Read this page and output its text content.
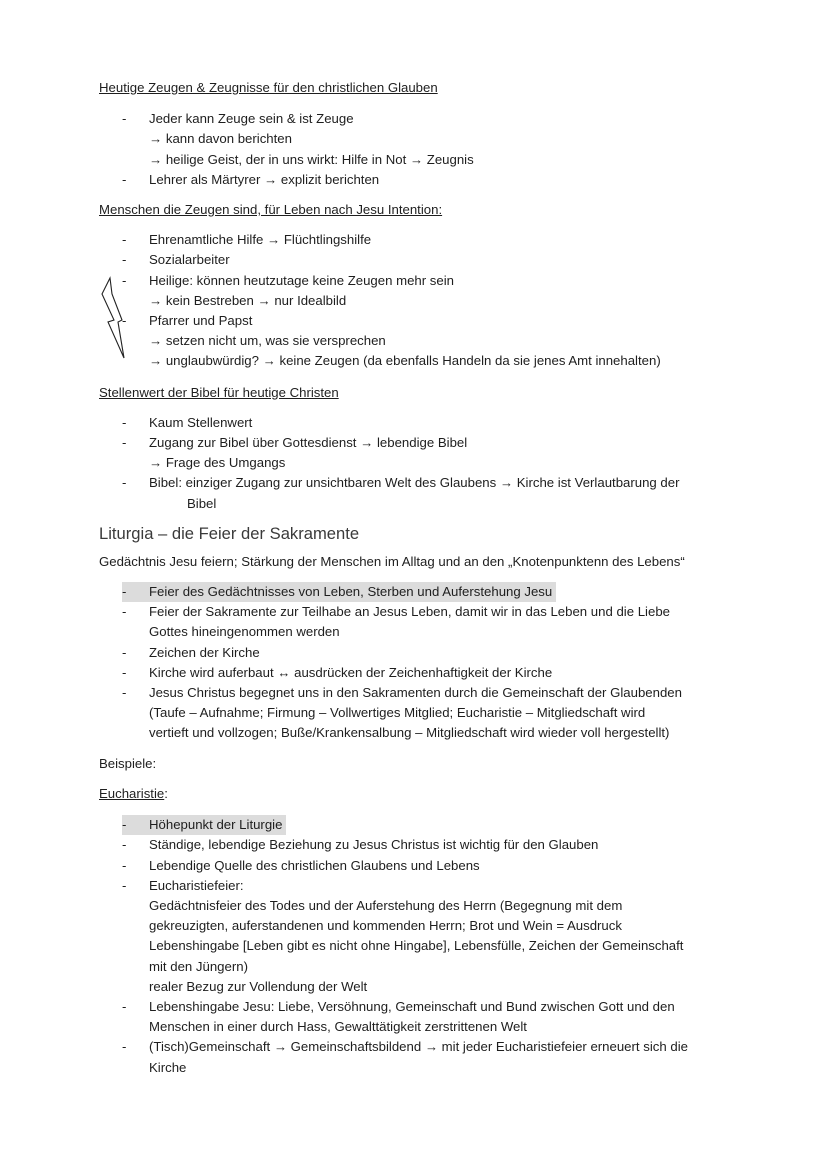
Heutige Zeugen & Zeugnisse für den christlichen Glauben

- Jeder kann Zeuge sein & ist Zeuge
→ kann davon berichten
→ heilige Geist, der in uns wirkt: Hilfe in Not → Zeugnis
- Lehrer als Märtyrer → explizit berichten

Menschen die Zeugen sind, für Leben nach Jesu Intention:

- Ehrenamtliche Hilfe → Flüchtlingshilfe
- Sozialarbeiter
- Heilige: können heutzutage keine Zeugen mehr sein
→ kein Bestreben → nur Idealbild
- Pfarrer und Papst
→ setzen nicht um, was sie versprechen
→ unglaubwürdig? → keine Zeugen (da ebenfalls Handeln da sie jenes Amt innehalten)

Stellenwert der Bibel für heutige Christen

- Kaum Stellenwert
- Zugang zur Bibel über Gottesdienst → lebendige Bibel
→ Frage des Umgangs
- Bibel: einziger Zugang zur unsichtbaren Welt des Glaubens → Kirche ist Verlautbarung der
Bibel

Liturgia – die Feier der Sakramente

Gedächtnis Jesu feiern; Stärkung der Menschen im Alltag und an den „Knotenpunktenn des Lebens“

- Feier des Gedächtnisses von Leben, Sterben und Auferstehung Jesu
- Feier der Sakramente zur Teilhabe an Jesus Leben, damit wir in das Leben und die Liebe
Gottes hineingenommen werden
- Zeichen der Kirche
- Kirche wird auferbaut ↔ ausdrücken der Zeichenhaftigkeit der Kirche
- Jesus Christus begegnet uns in den Sakramenten durch die Gemeinschaft der Glaubenden
(Taufe – Aufnahme; Firmung – Vollwertiges Mitglied; Eucharistie – Mitgliedschaft wird
vertieft und vollzogen; Buße/Krankensalbung – Mitgliedschaft wird wieder voll hergestellt)

Beispiele:

Eucharistie:

- Höhepunkt der Liturgie
- Ständige, lebendige Beziehung zu Jesus Christus ist wichtig für den Glauben
- Lebendige Quelle des christlichen Glaubens und Lebens
- Eucharistiefeier:
Gedächtnisfeier des Todes und der Auferstehung des Herrn (Begegnung mit dem
gekreuzigten, auferstandenen und kommenden Herrn; Brot und Wein = Ausdruck
Lebenshingabe [Leben gibt es nicht ohne Hingabe], Lebensfülle, Zeichen der Gemeinschaft
mit den Jüngern)
realer Bezug zur Vollendung der Welt
- Lebenshingabe Jesu: Liebe, Versöhnung, Gemeinschaft und Bund zwischen Gott und den
Menschen in einer durch Hass, Gewalttätigkeit zerstrittenen Welt
- (Tisch)Gemeinschaft → Gemeinschaftsbildend → mit jeder Eucharistiefeier erneuert sich die
Kirche
